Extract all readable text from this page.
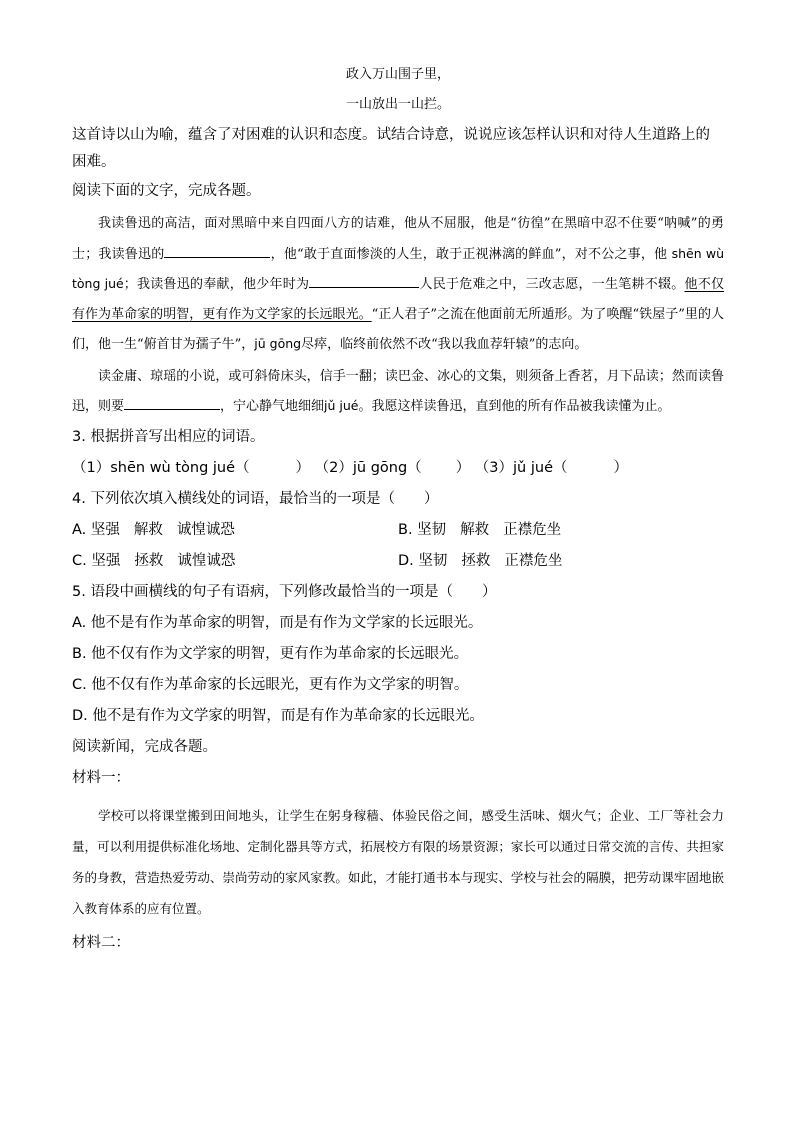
政入万山围子里，
一山放出一山拦。
这首诗以山为喻，蕴含了对困难的认识和态度。试结合诗意，说说应该怎样认识和对待人生道路上的困难。
阅读下面的文字，完成各题。

我读鲁迅的高洁，面对黑暗中来自四面八方的诘难，他从不屈服，他是“彷徨”在黑暗中忍不住要“呐喊”的勇士；我读鲁迅的	，他“敢于直面惨淡的人生，敢于正视淋漓的鲜血”，对不公之事，他 shēn wù tòng jué；我读鲁迅的奉献，他少年时为	人民于危难之中，三改志愿，一生笔耕不辍。他不仅有作为革命家的明智，更有作为文学家的长远眼光。“正人君子”之流在他面前无所遁形。为了唤醒“铁屋子”里的人们，他一生“俯首甘为孺子牛”，jū gōng尽瘁，临终前依然不改“我以我血荐轩辕”的志向。

读金庸、琼瑶的小说，或可斜倚床头，信手一翻；读巴金、冰心的文集，则须备上香茗，月下品读；然而读鲁迅，则要	，宁心静气地细细jǔ jué。我愿这样读鲁迅，直到他的所有作品被我读懂为止。

3. 根据拼音写出相应的词语。
（1）shēn wù tòng jué（	） （2）jū gōng（ ） （3）jǔ jué（	）
4. 下列依次填入横线处的词语，最恰当的一项是（　　）
A. 坚强 解救 诚惶诚恐	B. 坚韧 解救 正襟危坐
C. 坚强 拯救 诚惶诚恐	D. 坚韧 拯救 正襟危坐
5. 语段中画横线的句子有语病，下列修改最恰当的一项是（　　）
A. 他不是有作为革命家的明智，而是有作为文学家的长远眼光。
B. 他不仅有作为文学家的明智，更有作为革命家的长远眼光。
C. 他不仅有作为革命家的长远眼光，更有作为文学家的明智。
D. 他不是有作为文学家的明智，而是有作为革命家的长远眼光。
阅读新闻，完成各题。
材料一：

学校可以将课堂搬到田间地头，让学生在躬身稼穑、体验民俗之间，感受生活味、烟火气；企业、工厂等社会力量，可以利用提供标准化场地、定制化器具等方式，拓展校方有限的场景资源；家长可以通过日常交流的言传、共担家务的身教，营造热爱劳动、崇尚劳动的家风家教。如此，才能打通书本与现实、学校与社会的隔膜，把劳动课牢固地嵌入教育体系的应有位置。

材料二：
